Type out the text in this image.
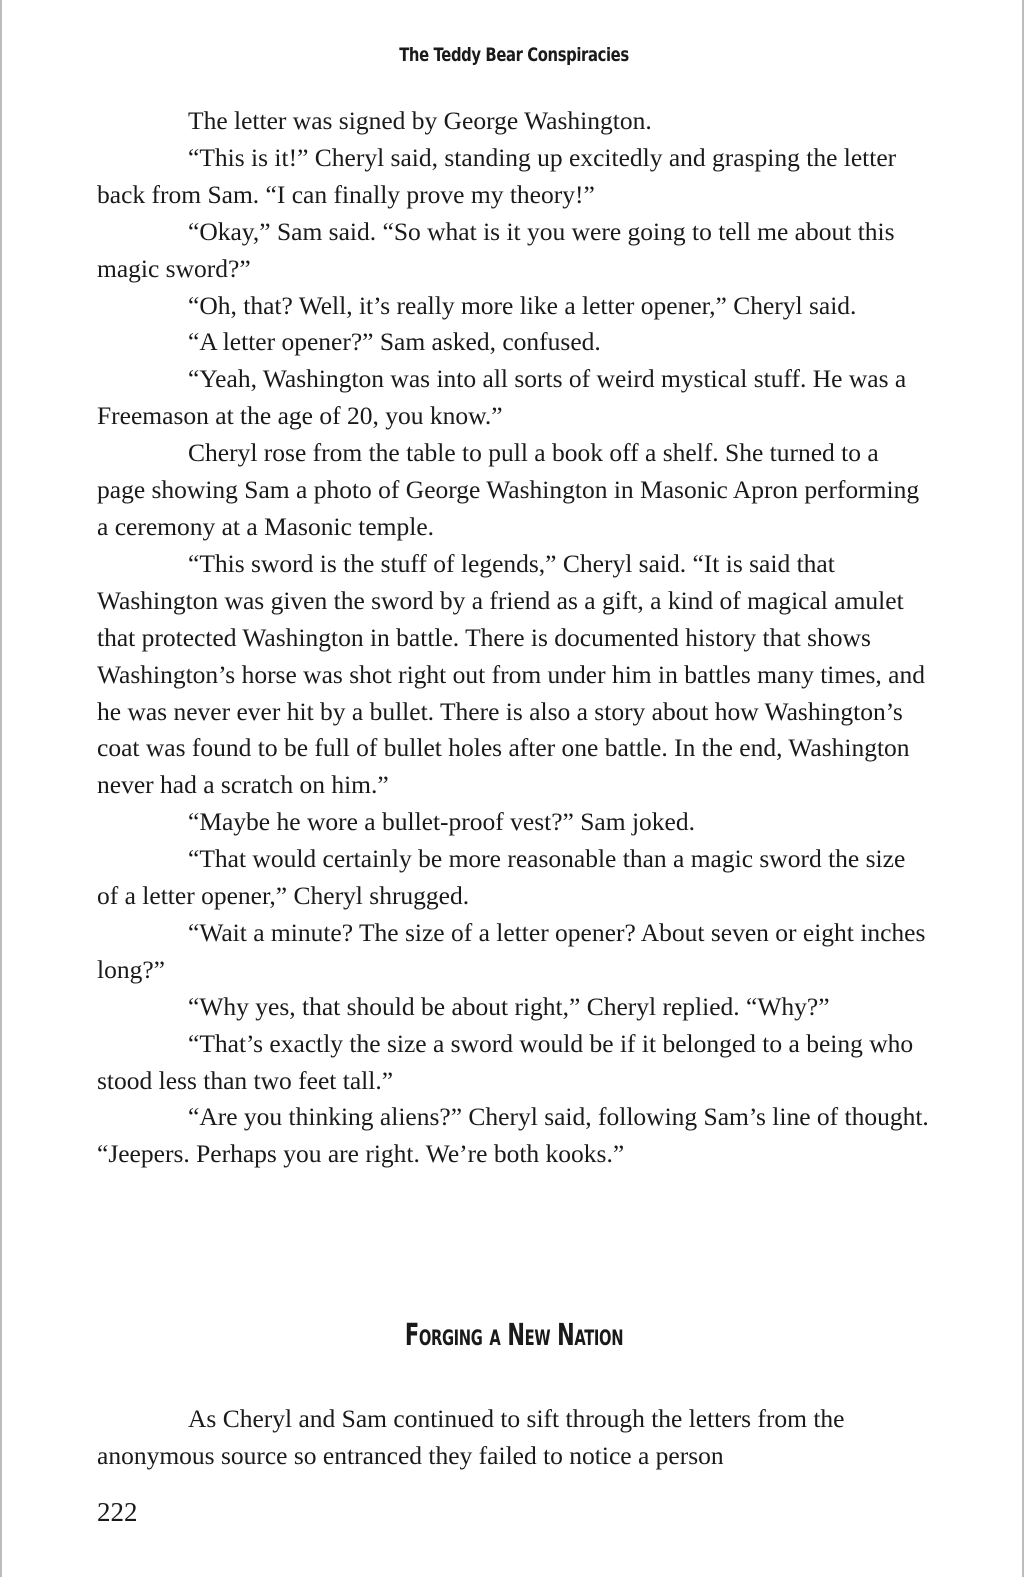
The Teddy Bear Conspiracies

The letter was signed by George Washington.

“This is it!” Cheryl said, standing up excitedly and grasping the letter back from Sam. “I can finally prove my theory!”

“Okay,” Sam said. “So what is it you were going to tell me about this magic sword?”

“Oh, that? Well, it’s really more like a letter opener,” Cheryl said.

“A letter opener?” Sam asked, confused.

“Yeah, Washington was into all sorts of weird mystical stuff. He was a Freemason at the age of 20, you know.”

Cheryl rose from the table to pull a book off a shelf. She turned to a page showing Sam a photo of George Washington in Masonic Apron performing a ceremony at a Masonic temple.

“This sword is the stuff of legends,” Cheryl said. “It is said that Washington was given the sword by a friend as a gift, a kind of magical amulet that protected Washington in battle. There is documented history that shows Washington’s horse was shot right out from under him in battles many times, and he was never ever hit by a bullet. There is also a story about how Washington’s coat was found to be full of bullet holes after one battle. In the end, Washington never had a scratch on him.”

“Maybe he wore a bullet-proof vest?” Sam joked.

“That would certainly be more reasonable than a magic sword the size of a letter opener,” Cheryl shrugged.

“Wait a minute? The size of a letter opener? About seven or eight inches long?”

“Why yes, that should be about right,” Cheryl replied. “Why?”

“That’s exactly the size a sword would be if it belonged to a being who stood less than two feet tall.”

“Are you thinking aliens?” Cheryl said, following Sam’s line of thought. “Jeepers. Perhaps you are right. We’re both kooks.”

Forging a New Nation

As Cheryl and Sam continued to sift through the letters from the anonymous source so entranced they failed to notice a person

222
